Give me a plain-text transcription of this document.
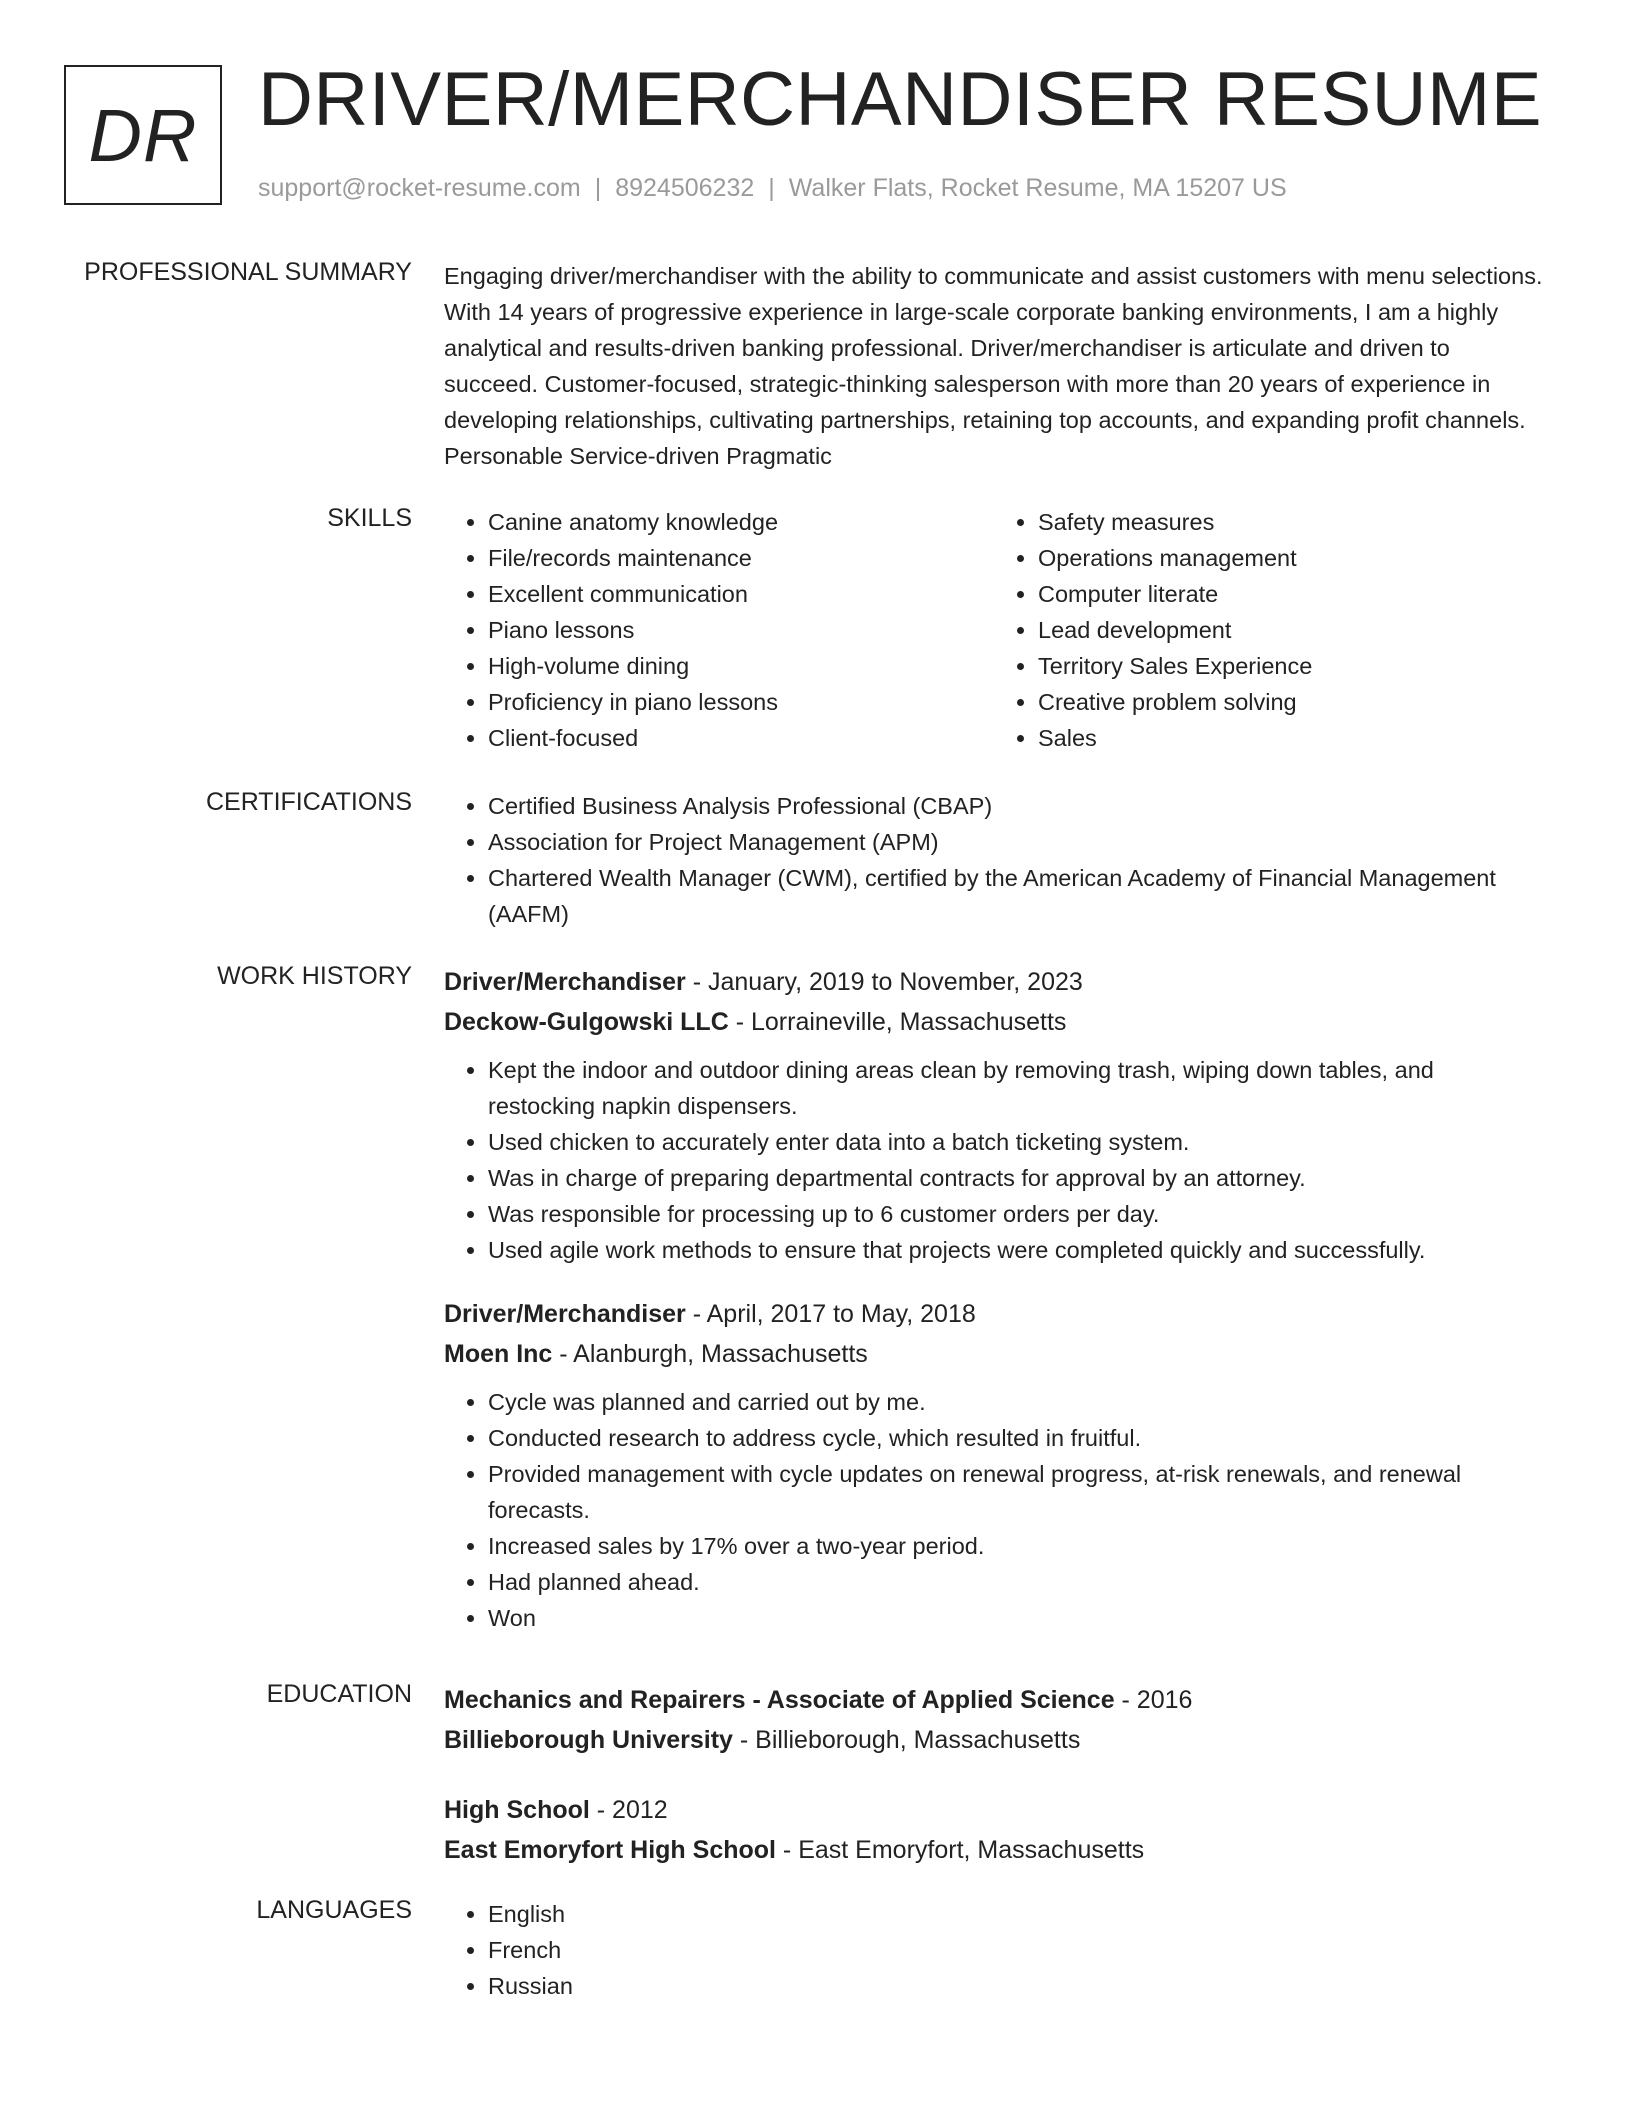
DR DRIVER/MERCHANDISER RESUME
support@rocket-resume.com | 8924506232 | Walker Flats, Rocket Resume, MA 15207 US
PROFESSIONAL SUMMARY Engaging driver/merchandiser with the ability to communicate and assist customers with menu selections. With 14 years of progressive experience in large-scale corporate banking environments, I am a highly analytical and results-driven banking professional. Driver/merchandiser is articulate and driven to succeed. Customer-focused, strategic-thinking salesperson with more than 20 years of experience in developing relationships, cultivating partnerships, retaining top accounts, and expanding profit channels. Personable Service-driven Pragmatic
SKILLS	• Canine anatomy knowledge
• File/records maintenance
• Excellent communication
• Piano lessons
• High-volume dining
• Proficiency in piano lessons
• Client-focused
• Safety measures
• Operations management
• Computer literate
• Lead development
• Territory Sales Experience
• Creative problem solving
• Sales
CERTIFICATIONS	• Certified Business Analysis Professional (CBAP)
• Association for Project Management (APM)
• Chartered Wealth Manager (CWM), certified by the American Academy of Financial Management (AAFM)
WORK HISTORY Driver/Merchandiser - January, 2019 to November, 2023
Deckow-Gulgowski LLC - Lorraineville, Massachusetts
• Kept the indoor and outdoor dining areas clean by removing trash, wiping down tables, and restocking napkin dispensers.
• Used chicken to accurately enter data into a batch ticketing system.
• Was in charge of preparing departmental contracts for approval by an attorney.
• Was responsible for processing up to 6 customer orders per day.
• Used agile work methods to ensure that projects were completed quickly and successfully.
Driver/Merchandiser - April, 2017 to May, 2018
Moen Inc - Alanburgh, Massachusetts
• Cycle was planned and carried out by me.
• Conducted research to address cycle, which resulted in fruitful.
• Provided management with cycle updates on renewal progress, at-risk renewals, and renewal forecasts.
• Increased sales by 17% over a two-year period.
• Had planned ahead.
• Won
EDUCATION Mechanics and Repairers - Associate of Applied Science - 2016
Billieborough University - Billieborough, Massachusetts
High School - 2012
East Emoryfort High School - East Emoryfort, Massachusetts
LANGUAGES	• English
• French
• Russian
